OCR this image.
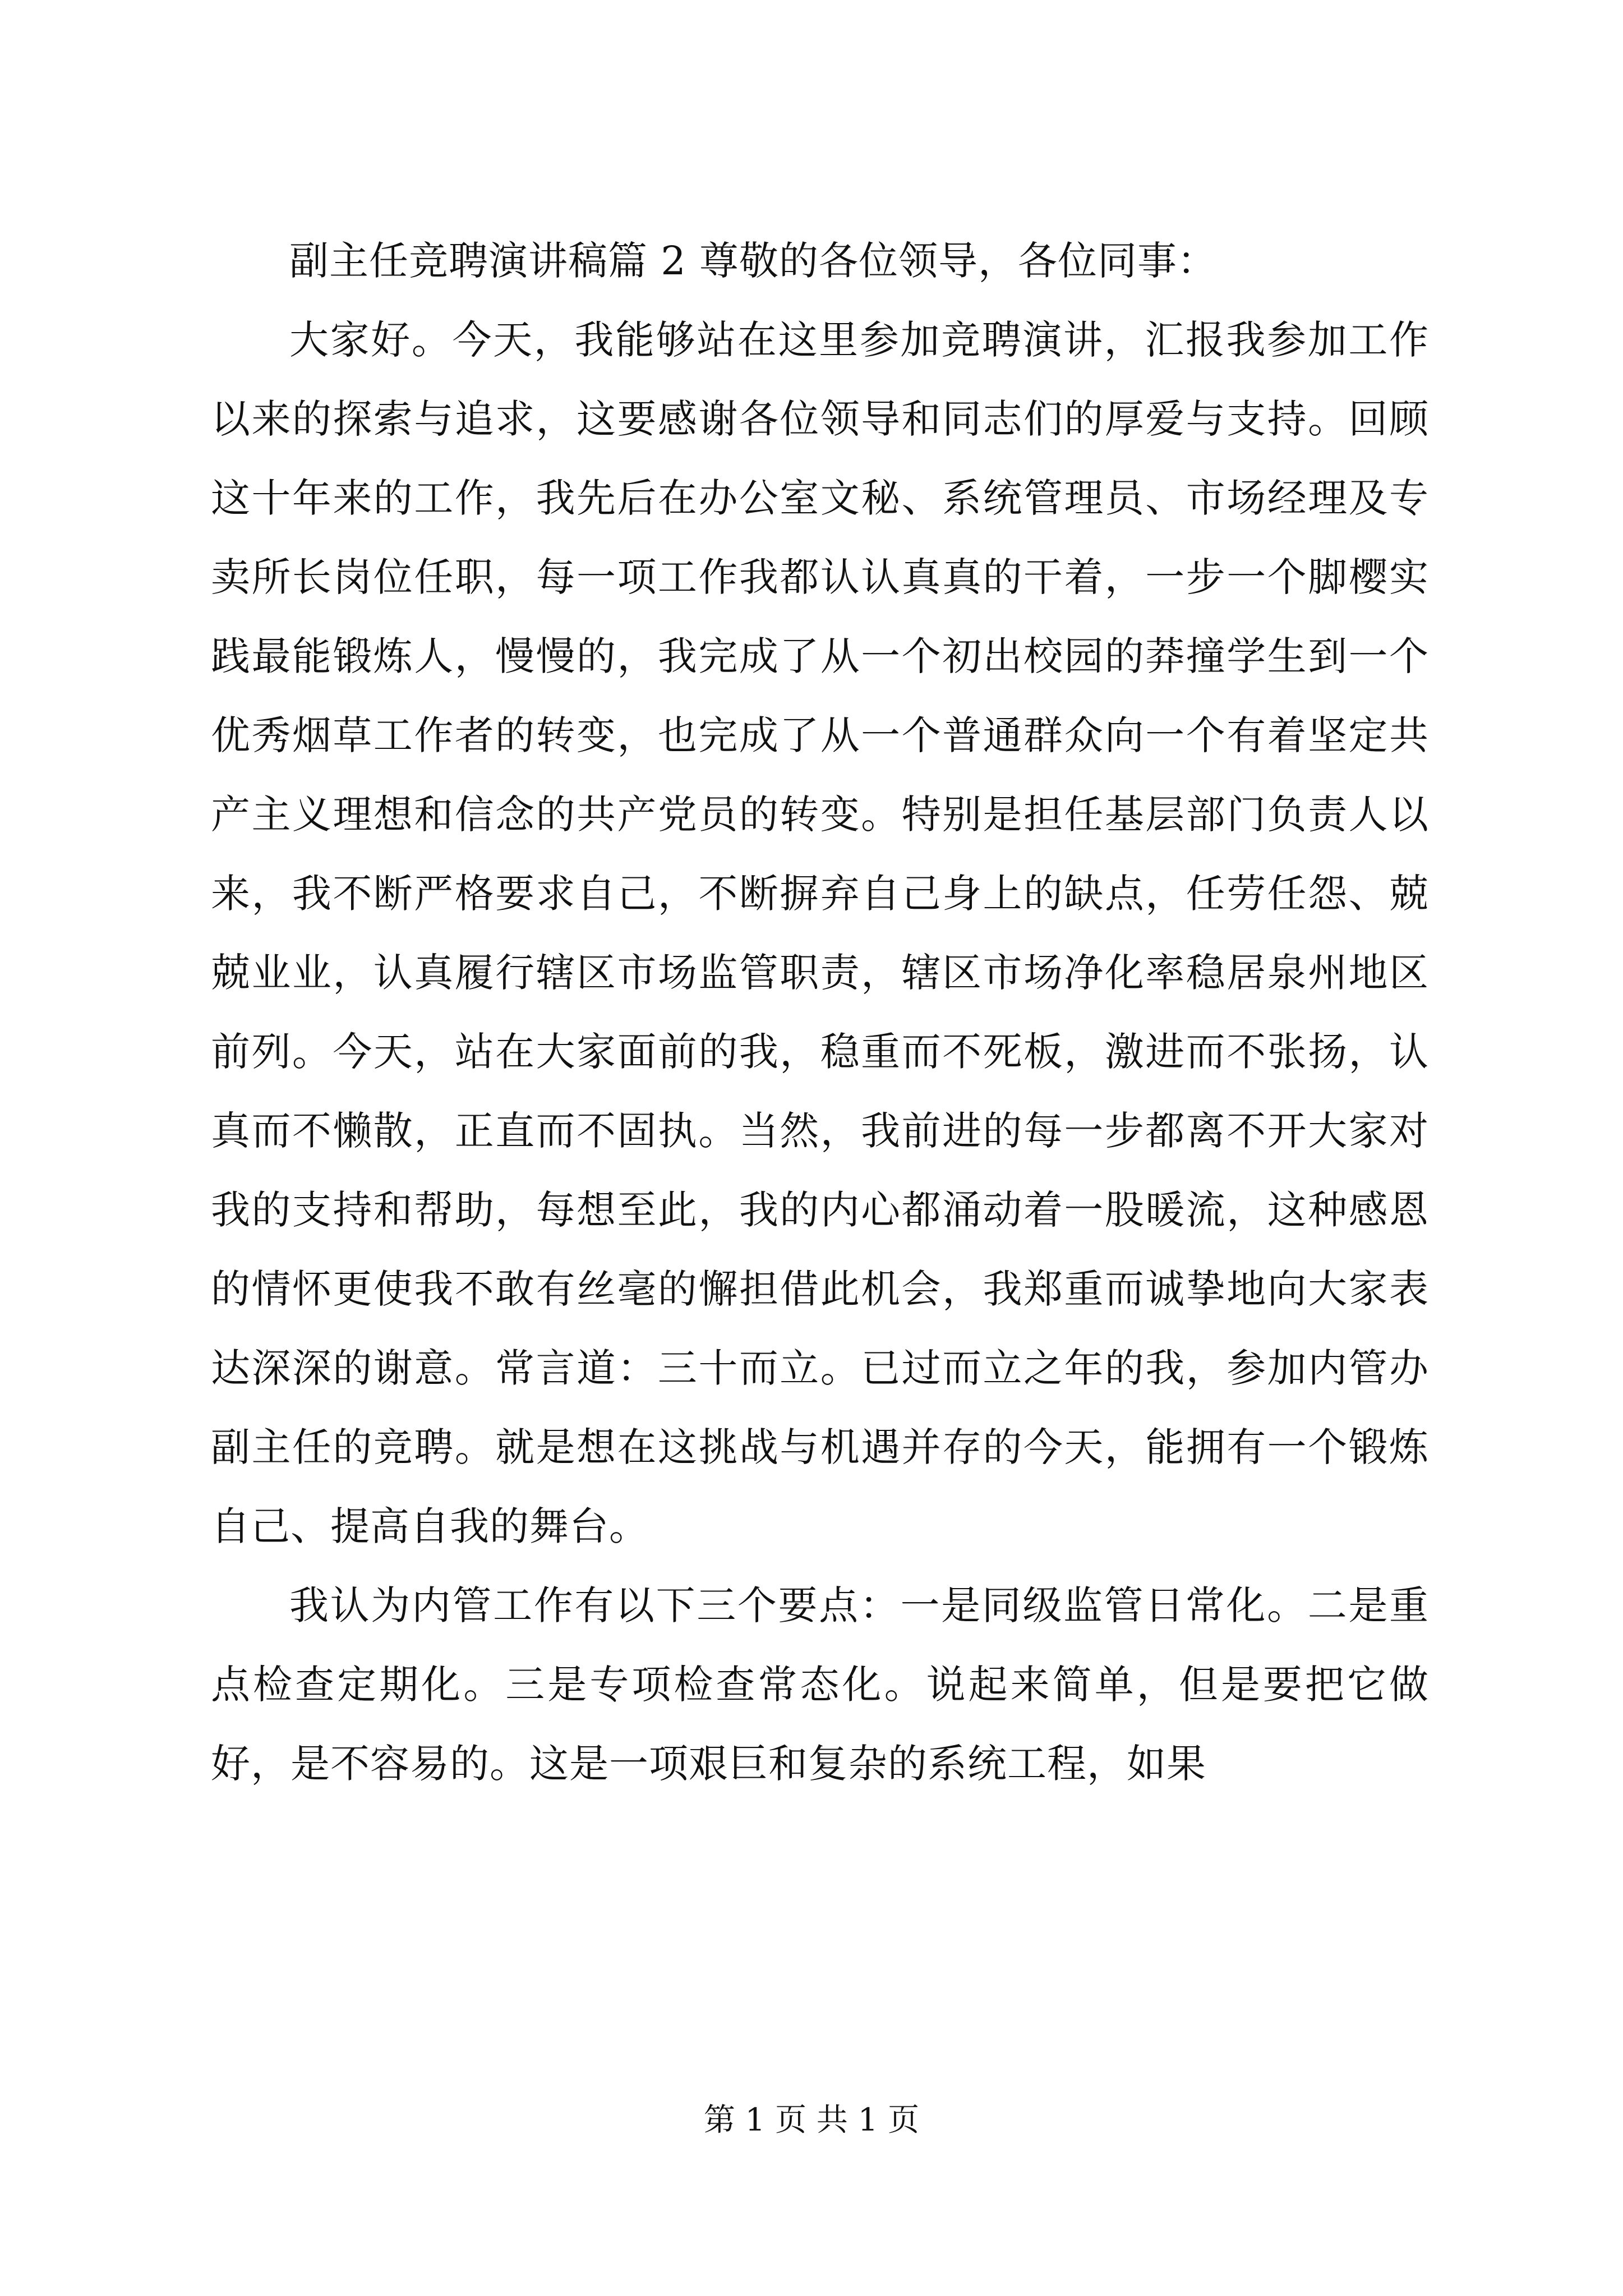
副主任竞聘演讲稿篇 2 尊敬的各位领导，各位同事：

大家好。今天，我能够站在这里参加竞聘演讲，汇报我参加工作以来的探索与追求，这要感谢各位领导和同志们的厚爱与支持。回顾这十年来的工作，我先后在办公室文秘、系统管理员、市场经理及专卖所长岗位任职，每一项工作我都认认真真的干着，一步一个脚樱实践最能锻炼人，慢慢的，我完成了从一个初出校园的莽撞学生到一个优秀烟草工作者的转变，也完成了从一个普通群众向一个有着坚定共产主义理想和信念的共产党员的转变。特别是担任基层部门负责人以来，我不断严格要求自己，不断摒弃自己身上的缺点，任劳任怨、兢兢业业，认真履行辖区市场监管职责，辖区市场净化率稳居泉州地区前列。今天，站在大家面前的我，稳重而不死板，激进而不张扬，认真而不懒散，正直而不固执。当然，我前进的每一步都离不开大家对我的支持和帮助，每想至此，我的内心都涌动着一股暖流，这种感恩的情怀更使我不敢有丝毫的懈担借此机会，我郑重而诚挚地向大家表达深深的谢意。常言道：三十而立。已过而立之年的我，参加内管办副主任的竞聘。就是想在这挑战与机遇并存的今天，能拥有一个锻炼自己、提高自我的舞台。

我认为内管工作有以下三个要点：一是同级监管日常化。二是重点检查定期化。三是专项检查常态化。说起来简单，但是要把它做好，是不容易的。这是一项艰巨和复杂的系统工程，如果

第 1 页 共 1 页
